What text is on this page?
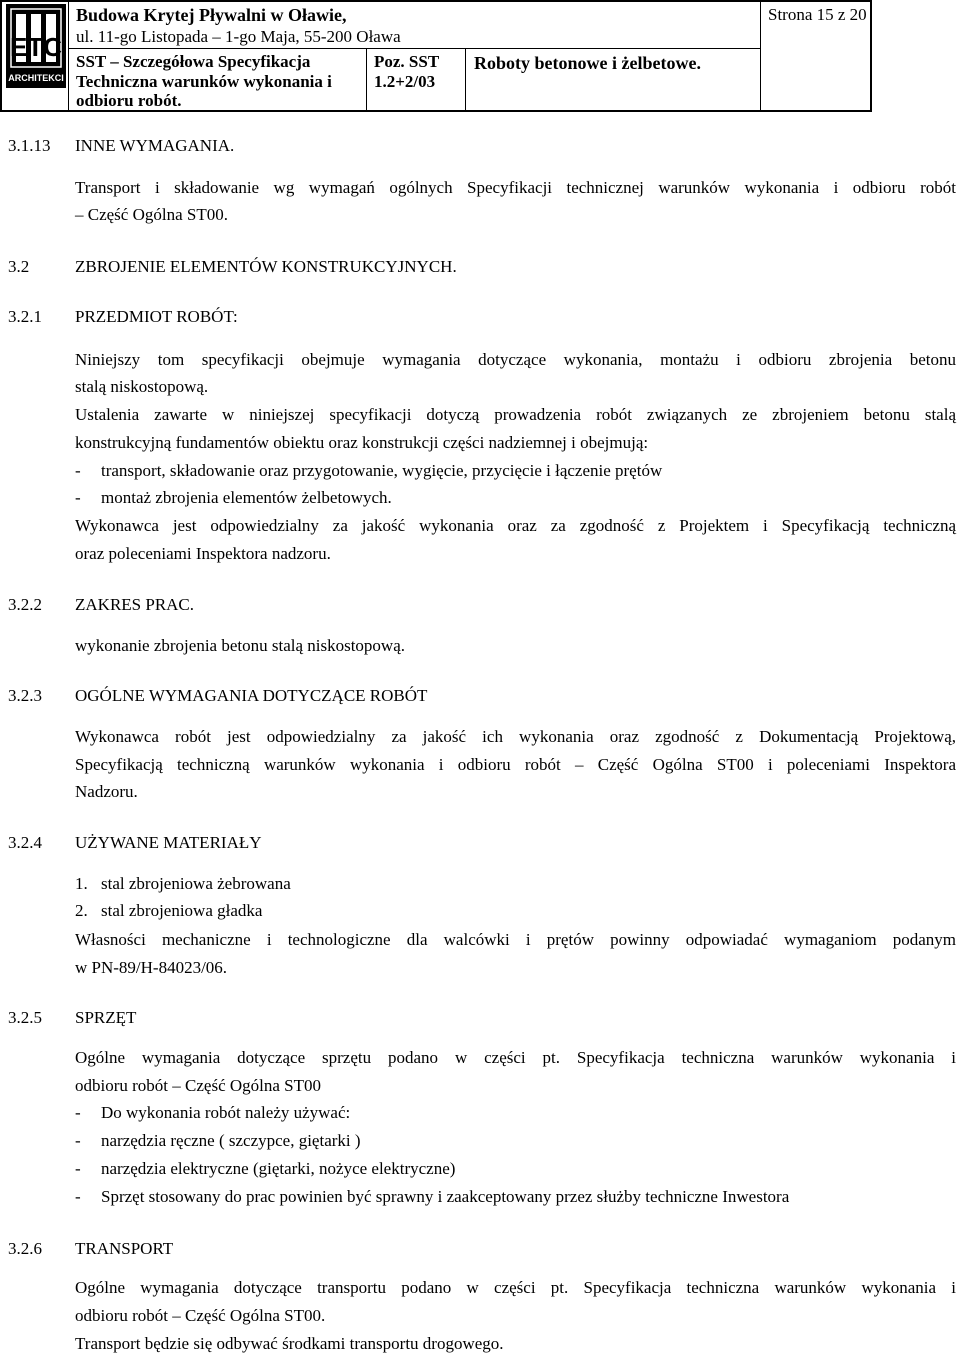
ETC
ARCHITEKCI
Budowa Krytej Pływalni w Oławie,
ul. 11-go Listopada – 1-go Maja, 55-200 Oława
SST – Szczegółowa Specyfikacja
Techniczna warunków wykonania i
odbioru robót.
Poz. SST
1.2+2/03
Roboty betonowe i żelbetowe.
Strona 15 z 20
3.1.13 INNE WYMAGANIA.
Transport i składowanie wg wymagań ogólnych Specyfikacji technicznej warunków wykonania i odbioru robót
– Część Ogólna ST00.
3.2	ZBROJENIE ELEMENTÓW KONSTRUKCYJNYCH.
3.2.1 PRZEDMIOT ROBÓT:
Niniejszy tom specyfikacji obejmuje wymagania dotyczące wykonania, montażu i odbioru zbrojenia betonu
stalą niskostopową.
Ustalenia zawarte w niniejszej specyfikacji dotyczą prowadzenia robót związanych ze zbrojeniem betonu stalą
konstrukcyjną fundamentów obiektu oraz konstrukcji części nadziemnej i obejmują:
- transport, składowanie oraz przygotowanie, wygięcie, przycięcie i łączenie prętów
- montaż zbrojenia elementów żelbetowych.
Wykonawca jest odpowiedzialny za jakość wykonania oraz za zgodność z Projektem i Specyfikacją techniczną
oraz poleceniami Inspektora nadzoru.
3.2.2 ZAKRES PRAC.
wykonanie zbrojenia betonu stalą niskostopową.
3.2.3 OGÓLNE WYMAGANIA DOTYCZĄCE ROBÓT
Wykonawca robót jest odpowiedzialny za jakość ich wykonania oraz zgodność z Dokumentacją Projektową,
Specyfikacją techniczną warunków wykonania i odbioru robót – Część Ogólna ST00 i poleceniami Inspektora
Nadzoru.
3.2.4 UŻYWANE MATERIAŁY
1. stal zbrojeniowa żebrowana
2. stal zbrojeniowa gładka
Własności mechaniczne i technologiczne dla walcówki i prętów powinny odpowiadać wymaganiom podanym
w PN-89/H-84023/06.
3.2.5 SPRZĘT
Ogólne wymagania dotyczące sprzętu podano w części pt. Specyfikacja techniczna warunków wykonania i
odbioru robót – Część Ogólna ST00
- Do wykonania robót należy używać:
- narzędzia ręczne ( szczypce, giętarki )
- narzędzia elektryczne (giętarki, nożyce elektryczne)
- Sprzęt stosowany do prac powinien być sprawny i zaakceptowany przez służby techniczne Inwestora
3.2.6 TRANSPORT
Ogólne wymagania dotyczące transportu podano w części pt. Specyfikacja techniczna warunków wykonania i
odbioru robót – Część Ogólna ST00.
Transport będzie się odbywać środkami transportu drogowego.
